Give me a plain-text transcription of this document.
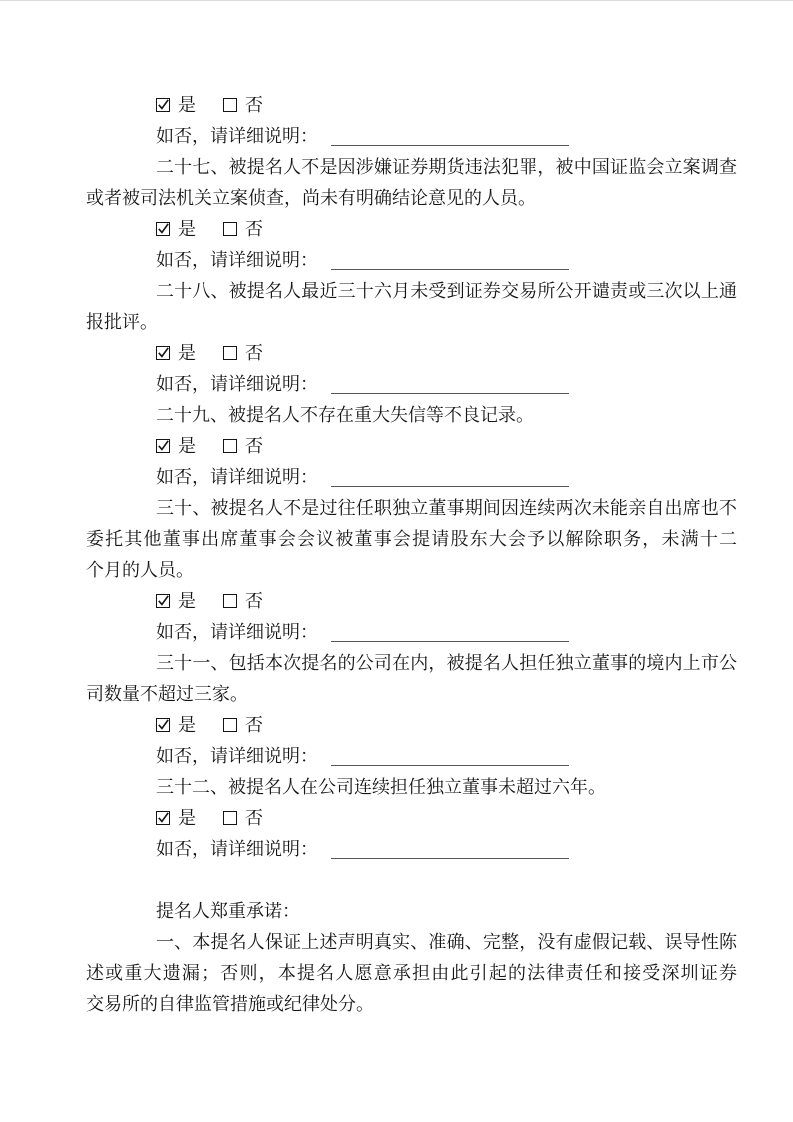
是	否
如否，请详细说明：
二十七、被提名人不是因涉嫌证券期货违法犯罪，被中国证监会立案调查
或者被司法机关立案侦查，尚未有明确结论意见的人员。
是	否
如否，请详细说明：
二十八、被提名人最近三十六月未受到证券交易所公开谴责或三次以上通
报批评。
是	否
如否，请详细说明：
二十九、被提名人不存在重大失信等不良记录。
是	否
如否，请详细说明：
三十、被提名人不是过往任职独立董事期间因连续两次未能亲自出席也不
委托其他董事出席董事会会议被董事会提请股东大会予以解除职务，未满十二
个月的人员。
是	否
如否，请详细说明：
三十一、包括本次提名的公司在内，被提名人担任独立董事的境内上市公
司数量不超过三家。
是	否
如否，请详细说明：
三十二、被提名人在公司连续担任独立董事未超过六年。
是	否
如否，请详细说明：
提名人郑重承诺：
一、本提名人保证上述声明真实、准确、完整，没有虚假记载、误导性陈
述或重大遗漏；否则，本提名人愿意承担由此引起的法律责任和接受深圳证券
交易所的自律监管措施或纪律处分。
